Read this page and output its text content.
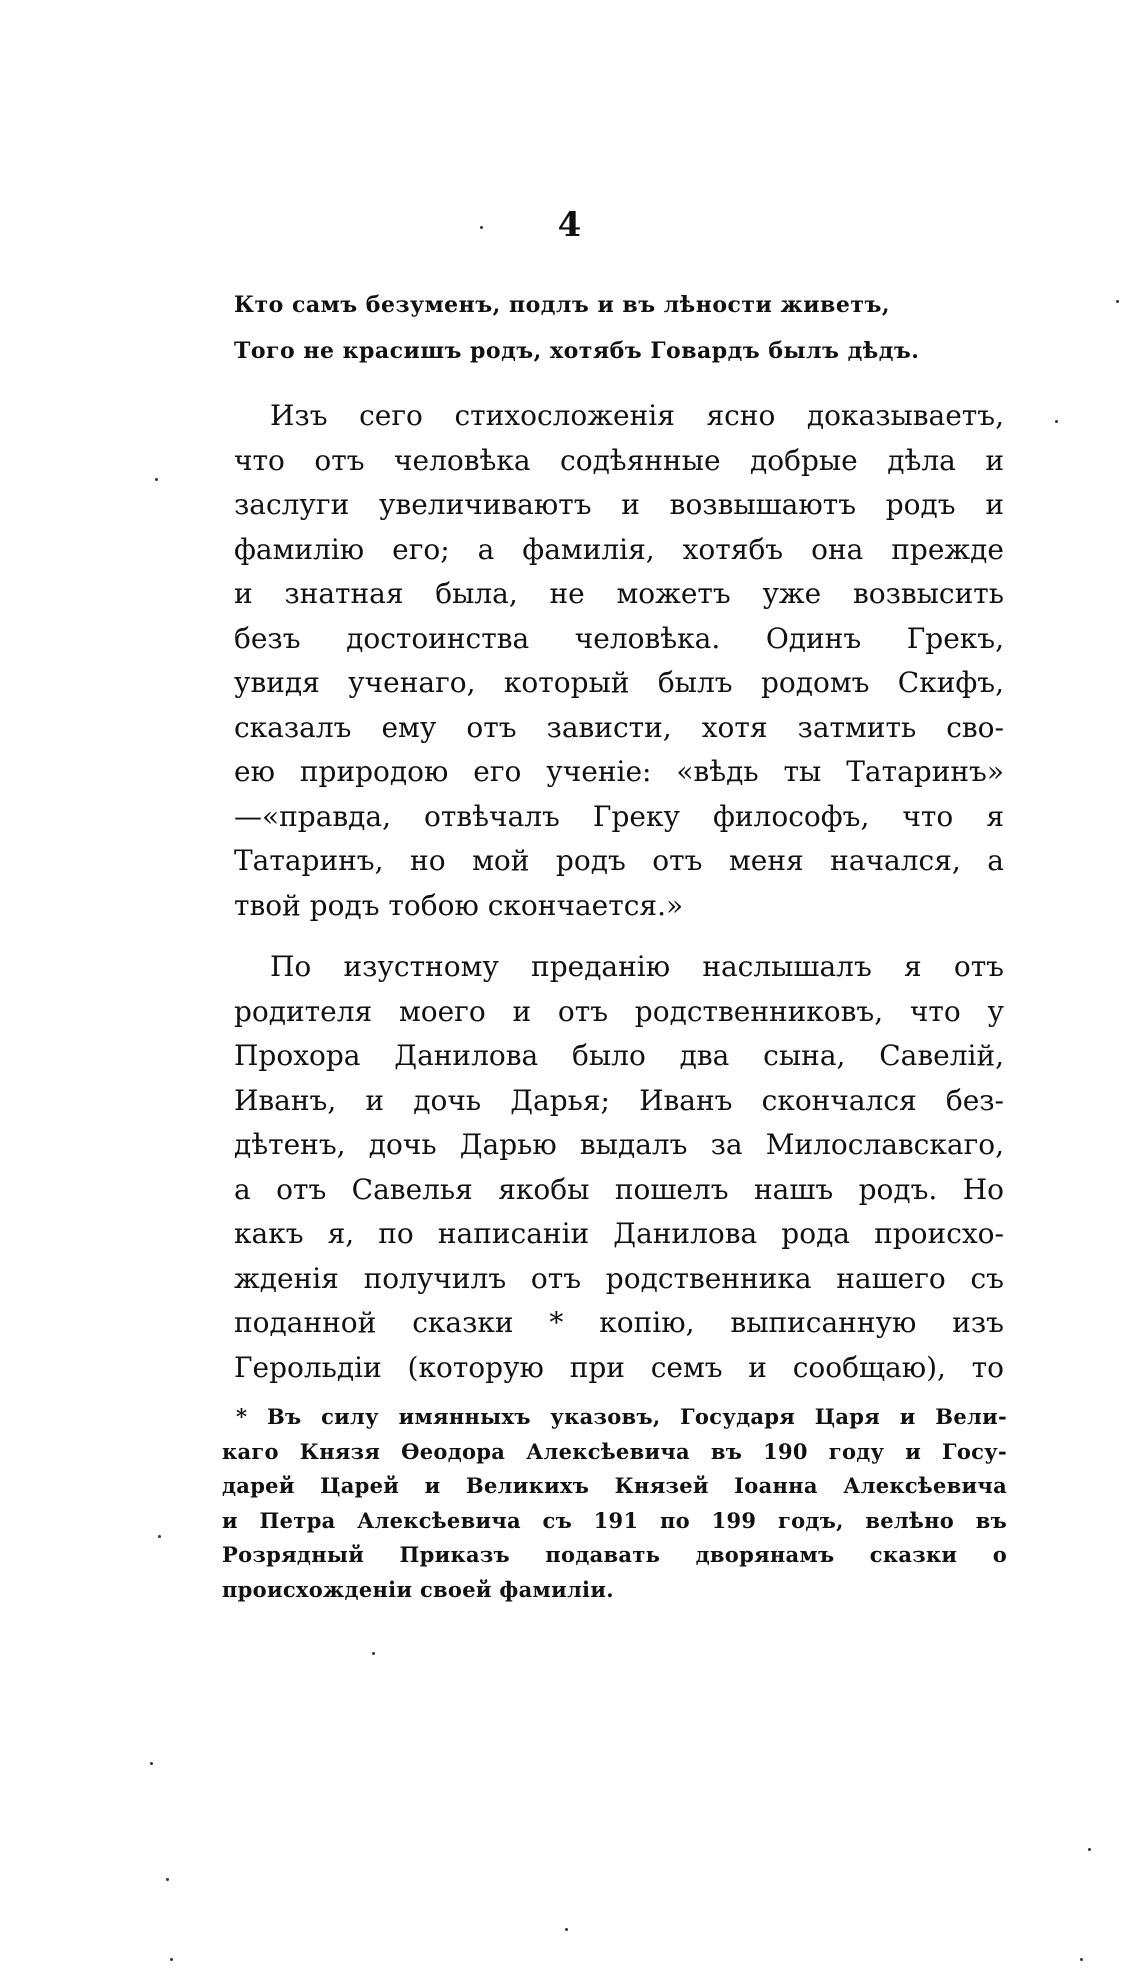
4
Кто самъ безуменъ, подлъ и въ лѣности живетъ,
Того не красишъ родъ, хотябъ Говардъ былъ дѣдъ.

Изъ сего стихосложенія ясно доказываетъ,
что отъ человѣка содѣянные добрые дѣла и
заслуги увеличиваютъ и возвышаютъ родъ и
фамилію его; а фамилія, хотябъ она прежде
и знатная была, не можетъ уже возвысить
безъ достоинства человѣка. Одинъ Грекъ,
увидя ученаго, который былъ родомъ Скифъ,
сказалъ ему отъ зависти, хотя затмить сво-
ею природою его ученіе: «вѣдь ты Татаринъ»
—«правда, отвѣчалъ Греку философъ, что я
Татаринъ, но мой родъ отъ меня начался, а
твой родъ тобою скончается.»

По изустному преданію наслышалъ я отъ
родителя моего и отъ родственниковъ, что у
Прохора Данилова было два сына, Савелій,
Иванъ, и дочь Дарья; Иванъ скончался без-
дѣтенъ, дочь Дарью выдалъ за Милославскаго,
а отъ Савелья якобы пошелъ нашъ родъ. Но
какъ я, по написаніи Данилова рода происхо-
жденія получилъ отъ родственника нашего съ
поданной сказки * копію, выписанную изъ
Герольдіи (которую при семъ и сообщаю), то

* Въ силу имянныхъ указовъ, Государя Царя и Вели-
каго Князя Ѳеодора Алексѣевича въ 190 году и Госу-
дарей Царей и Великихъ Князей Іоанна Алексѣевича
и Петра Алексѣевича съ 191 по 199 годъ, велѣно въ
Розрядный Приказъ подавать дворянамъ сказки о
происхожденіи своей фамиліи.
